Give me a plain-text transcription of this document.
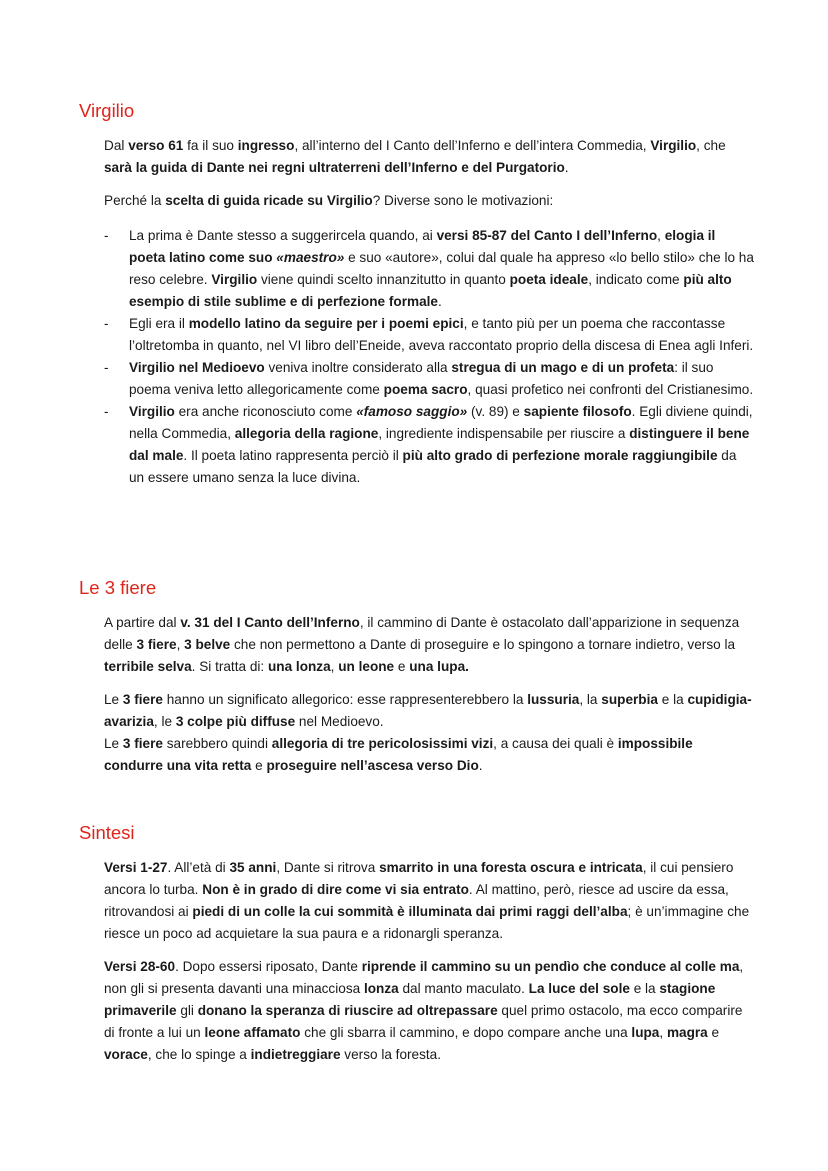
Virgilio

Dal verso 61 fa il suo ingresso, all’interno del I Canto dell’Inferno e dell’intera Commedia, Virgilio, che sarà la guida di Dante nei regni ultraterreni dell’Inferno e del Purgatorio.

Perché la scelta di guida ricade su Virgilio? Diverse sono le motivazioni:

- La prima è Dante stesso a suggerircela quando, ai versi 85-87 del Canto I dell’Inferno, elogia il poeta latino come suo «maestro» e suo «autore», colui dal quale ha appreso «lo bello stilo» che lo ha reso celebre. Virgilio viene quindi scelto innanzitutto in quanto poeta ideale, indicato come più alto esempio di stile sublime e di perfezione formale.
- Egli era il modello latino da seguire per i poemi epici, e tanto più per un poema che raccontasse l’oltretomba in quanto, nel VI libro dell’Eneide, aveva raccontato proprio della discesa di Enea agli Inferi.
- Virgilio nel Medioevo veniva inoltre considerato alla stregua di un mago e di un profeta: il suo poema veniva letto allegoricamente come poema sacro, quasi profetico nei confronti del Cristianesimo.
- Virgilio era anche riconosciuto come «famoso saggio» (v. 89) e sapiente filosofo. Egli diviene quindi, nella Commedia, allegoria della ragione, ingrediente indispensabile per riuscire a distinguere il bene dal male. Il poeta latino rappresenta perciò il più alto grado di perfezione morale raggiungibile da un essere umano senza la luce divina.
Le 3 fiere

A partire dal v. 31 del I Canto dell’Inferno, il cammino di Dante è ostacolato dall’apparizione in sequenza delle 3 fiere, 3 belve che non permettono a Dante di proseguire e lo spingono a tornare indietro, verso la terribile selva. Si tratta di: una lonza, un leone e una lupa.

Le 3 fiere hanno un significato allegorico: esse rappresenterebbero la lussuria, la superbia e la cupidigia-avarizia, le 3 colpe più diffuse nel Medioevo.
Le 3 fiere sarebbero quindi allegoria di tre pericolosissimi vizi, a causa dei quali è impossibile condurre una vita retta e proseguire nell’ascesa verso Dio.

Sintesi

Versi 1-27. All’età di 35 anni, Dante si ritrova smarrito in una foresta oscura e intricata, il cui pensiero ancora lo turba. Non è in grado di dire come vi sia entrato. Al mattino, però, riesce ad uscire da essa, ritrovandosi ai piedi di un colle la cui sommità è illuminata dai primi raggi dell’alba; è un’immagine che riesce un poco ad acquietare la sua paura e a ridonargli speranza.

Versi 28-60. Dopo essersi riposato, Dante riprende il cammino su un pendìo che conduce al colle ma, non gli si presenta davanti una minacciosa lonza dal manto maculato. La luce del sole e la stagione primaverile gli donano la speranza di riuscire ad oltrepassare quel primo ostacolo, ma ecco comparire di fronte a lui un leone affamato che gli sbarra il cammino, e dopo compare anche una lupa, magra e vorace, che lo spinge a indietreggiare verso la foresta.
